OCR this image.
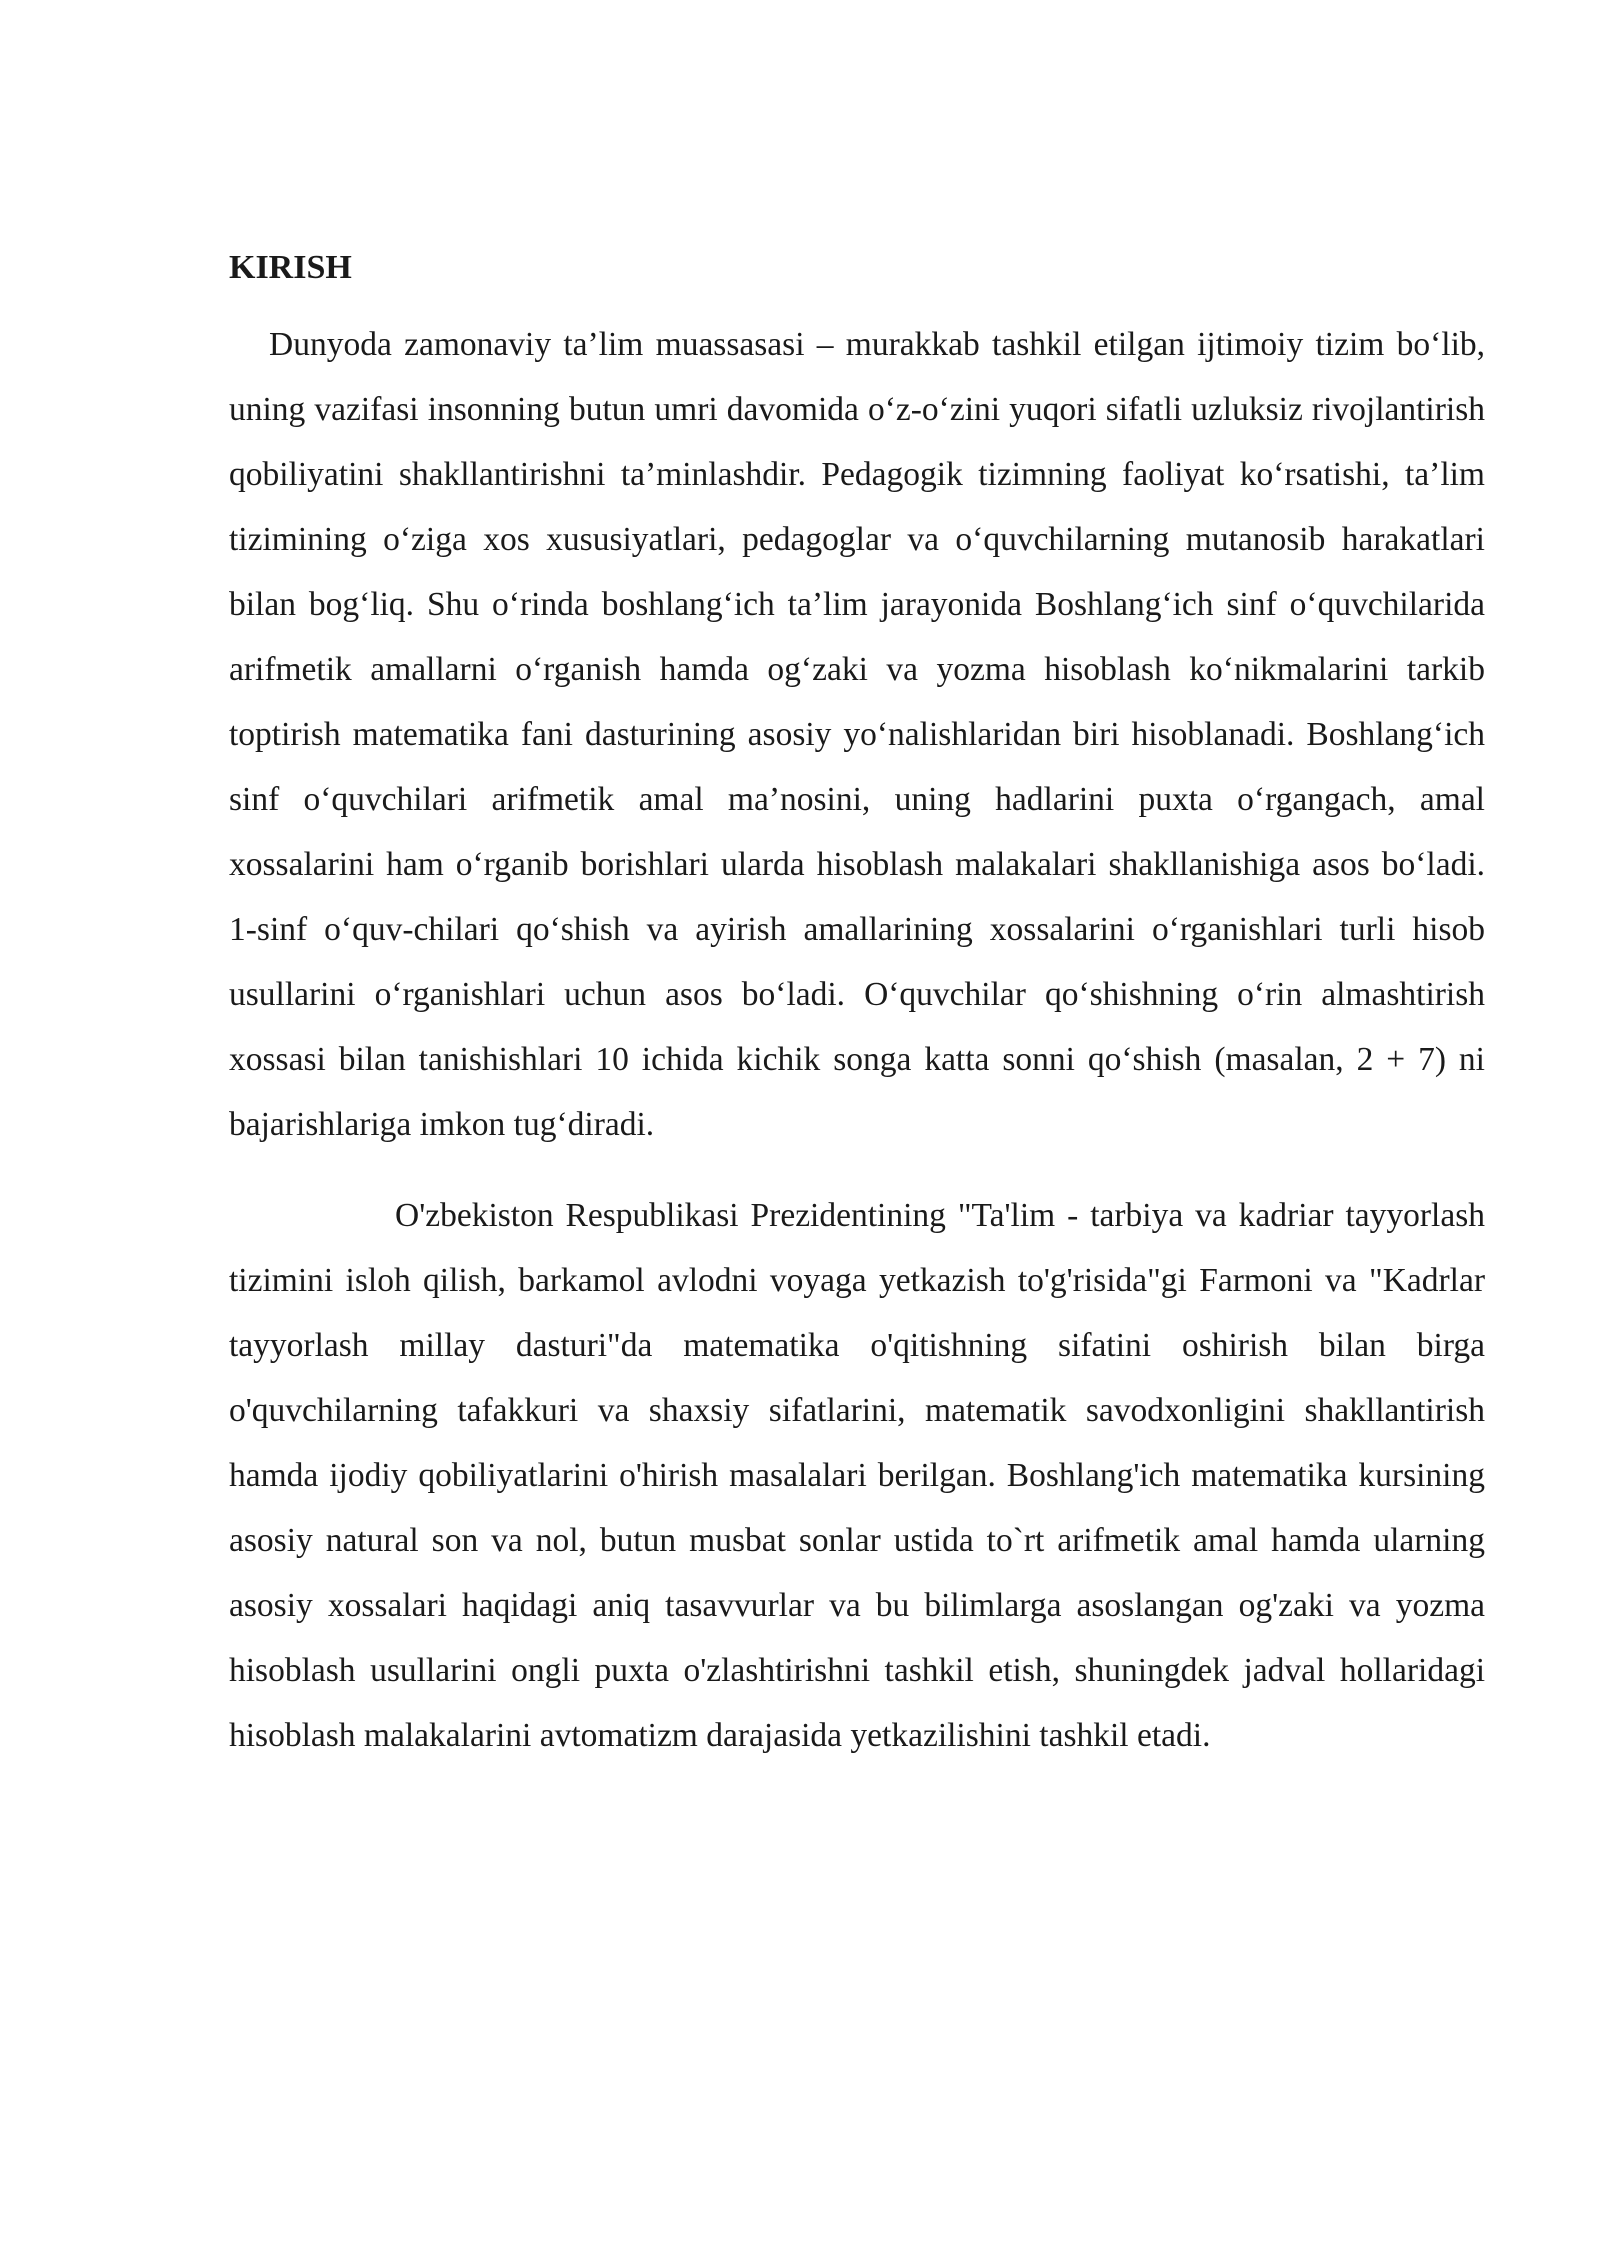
KIRISH

Dunyoda zamonaviy ta’lim muassasasi – murakkab tashkil etilgan ijtimoiy tizim bo‘lib, uning vazifasi insonning butun umri davomida o‘z-o‘zini yuqori sifatli uzluksiz rivojlantirish qobiliyatini shakllantirishni ta’minlashdir. Pedagogik tizimning faoliyat ko‘rsatishi, ta’lim tizimining o‘ziga xos xususiyatlari, pedagoglar va o‘quvchilarning mutanosib harakatlari bilan bog‘liq. Shu o‘rinda boshlang‘ich ta’lim jarayonida Boshlang‘ich sinf o‘quvchilarida arifmetik amallarni o‘rganish hamda og‘zaki va yozma hisoblash ko‘nikmalarini tarkib toptirish matematika fani dasturining asosiy yo‘nalishlaridan biri hisoblanadi. Boshlang‘ich sinf o‘quvchilari arifmetik amal ma’nosini, uning hadlarini puxta o‘rgangach, amal xossalarini ham o‘rganib borishlari ularda hisoblash malakalari shakllanishiga asos bo‘ladi. 1-sinf o‘quv-chilari qo‘shish va ayirish amallarining xossalarini o‘rganishlari turli hisob usullarini o‘rganishlari uchun asos bo‘ladi. O‘quvchilar qo‘shishning o‘rin almashtirish xossasi bilan tanishishlari 10 ichida kichik songa katta sonni qo‘shish (masalan, 2 + 7) ni bajarishlariga imkon tug‘diradi.

O'zbekiston Respublikasi Prezidentining "Ta'lim - tarbiya va kadriar tayyorlash tizimini isloh qilish, barkamol avlodni voyaga yetkazish to'g'risida"gi Farmoni va "Kadrlar tayyorlash millay dasturi"da matematika o'qitishning sifatini oshirish bilan birga o'quvchilarning tafakkuri va shaxsiy sifatlarini, matematik savodxonligini shakllantirish hamda ijodiy qobiliyatlarini o'hirish masalalari berilgan. Boshlang'ich matematika kursining asosiy natural son va nol, butun musbat sonlar ustida to`rt arifmetik amal hamda ularning asosiy xossalari haqidagi aniq tasavvurlar va bu bilimlarga asoslangan og'zaki va yozma hisoblash usullarini ongli puxta o'zlashtirishni tashkil etish, shuningdek jadval hollaridagi hisoblash malakalarini avtomatizm darajasida yetkazilishini tashkil etadi.
